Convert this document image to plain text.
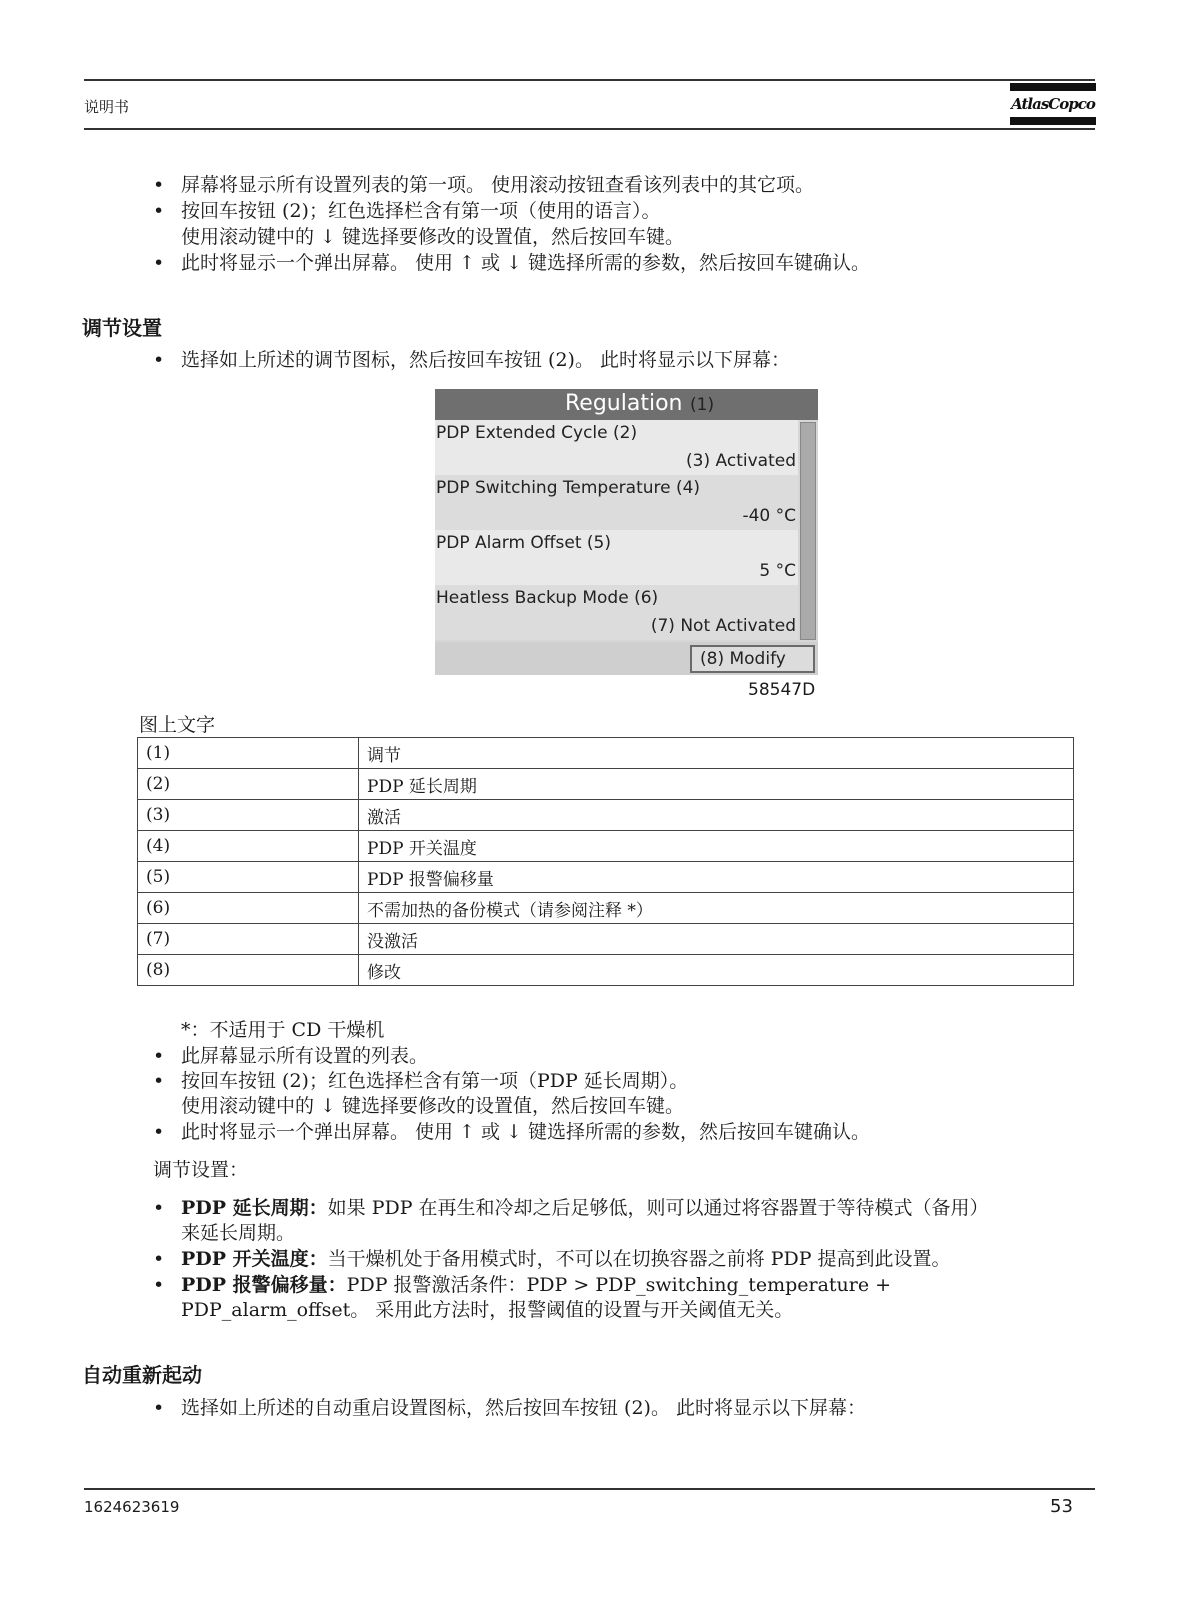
说明书	AtlasCopco
• 屏幕将显示所有设置列表的第一项。 使用滚动按钮查看该列表中的其它项。
• 按回车按钮 (2)；红色选择栏含有第一项（使用的语言）。
使用滚动键中的 ↓ 键选择要修改的设置值，然后按回车键。
• 此时将显示一个弹出屏幕。 使用 ↑ 或 ↓ 键选择所需的参数，然后按回车键确认。
调节设置
• 选择如上所述的调节图标，然后按回车按钮 (2)。 此时将显示以下屏幕：
Regulation (1)
PDP Extended Cycle (2)
(3) Activated
PDP Switching Temperature (4)
-40 °C
PDP Alarm Offset (5)
5 °C
Heatless Backup Mode (6)
(7) Not Activated
(8) Modify
58547D
图上文字
(1)	调节
(2)	PDP 延长周期
(3)	激活
(4)	PDP 开关温度
(5)	PDP 报警偏移量
(6)	不需加热的备份模式（请参阅注释 *）
(7)	没激活
(8)	修改
*：不适用于 CD 干燥机
• 此屏幕显示所有设置的列表。
• 按回车按钮 (2)；红色选择栏含有第一项（PDP 延长周期）。
使用滚动键中的 ↓ 键选择要修改的设置值，然后按回车键。
• 此时将显示一个弹出屏幕。 使用 ↑ 或 ↓ 键选择所需的参数，然后按回车键确认。
调节设置：
• PDP 延长周期：如果 PDP 在再生和冷却之后足够低，则可以通过将容器置于等待模式（备用）
来延长周期。
• PDP 开关温度：当干燥机处于备用模式时，不可以在切换容器之前将 PDP 提高到此设置。
• PDP 报警偏移量：PDP 报警激活条件：PDP > PDP_switching_temperature +
PDP_alarm_offset。 采用此方法时，报警阈值的设置与开关阈值无关。
自动重新起动
• 选择如上所述的自动重启设置图标，然后按回车按钮 (2)。 此时将显示以下屏幕：
1624623619	53
